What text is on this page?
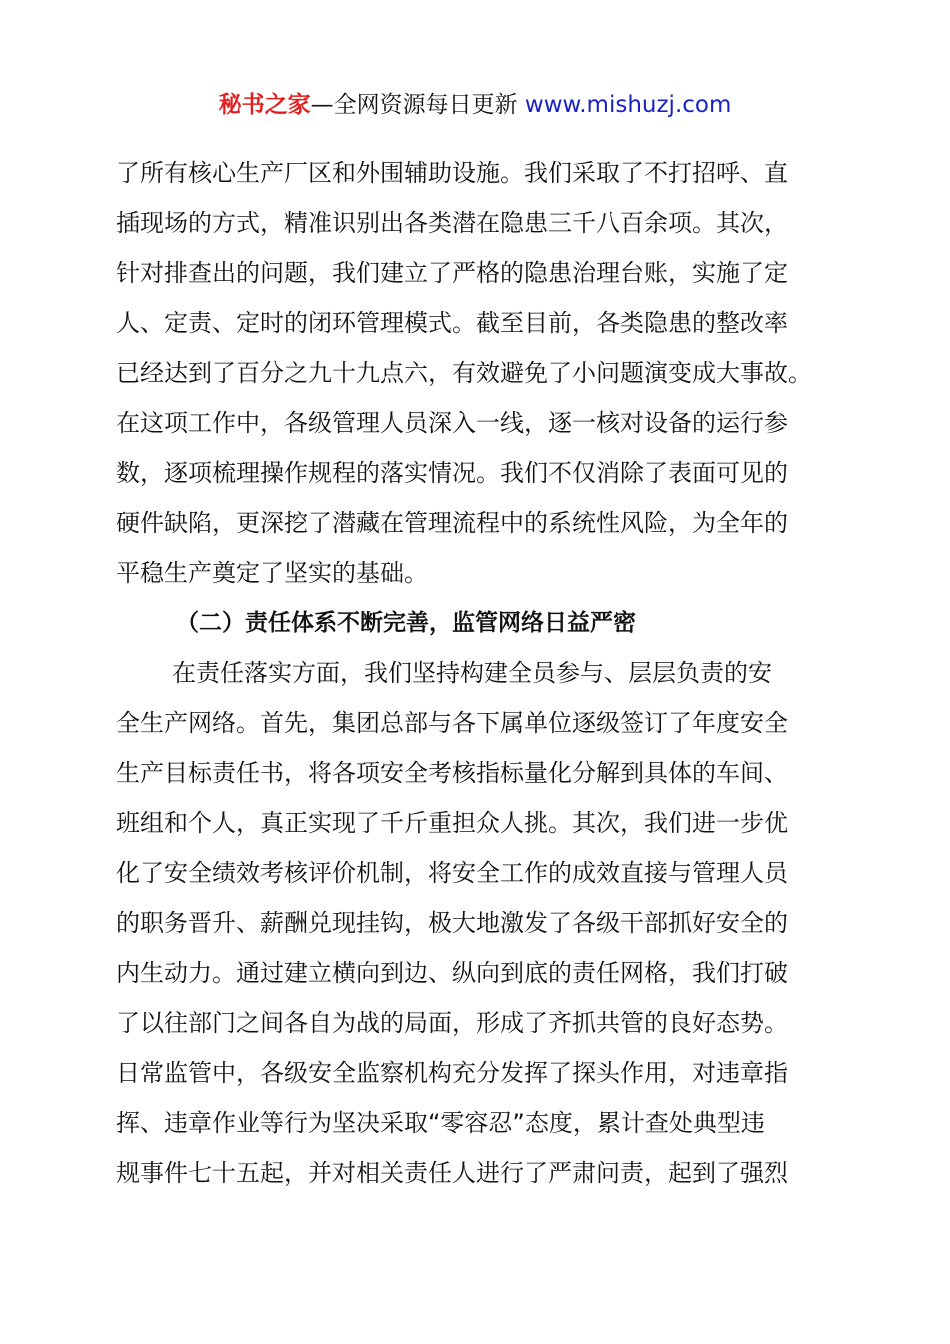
秘书之家—全网资源每日更新 www.mishuzj.com
了所有核心生产厂区和外围辅助设施。我们采取了不打招呼、直
插现场的方式，精准识别出各类潜在隐患三千八百余项。其次，
针对排查出的问题，我们建立了严格的隐患治理台账，实施了定
人、定责、定时的闭环管理模式。截至目前，各类隐患的整改率
已经达到了百分之九十九点六，有效避免了小问题演变成大事故。
在这项工作中，各级管理人员深入一线，逐一核对设备的运行参
数，逐项梳理操作规程的落实情况。我们不仅消除了表面可见的
硬件缺陷，更深挖了潜藏在管理流程中的系统性风险，为全年的
平稳生产奠定了坚实的基础。
（二）责任体系不断完善，监管网络日益严密
在责任落实方面，我们坚持构建全员参与、层层负责的安
全生产网络。首先，集团总部与各下属单位逐级签订了年度安全
生产目标责任书，将各项安全考核指标量化分解到具体的车间、
班组和个人，真正实现了千斤重担众人挑。其次，我们进一步优
化了安全绩效考核评价机制，将安全工作的成效直接与管理人员
的职务晋升、薪酬兑现挂钩，极大地激发了各级干部抓好安全的
内生动力。通过建立横向到边、纵向到底的责任网格，我们打破
了以往部门之间各自为战的局面，形成了齐抓共管的良好态势。
日常监管中，各级安全监察机构充分发挥了探头作用，对违章指
挥、违章作业等行为坚决采取“零容忍”态度，累计查处典型违
规事件七十五起，并对相关责任人进行了严肃问责，起到了强烈
